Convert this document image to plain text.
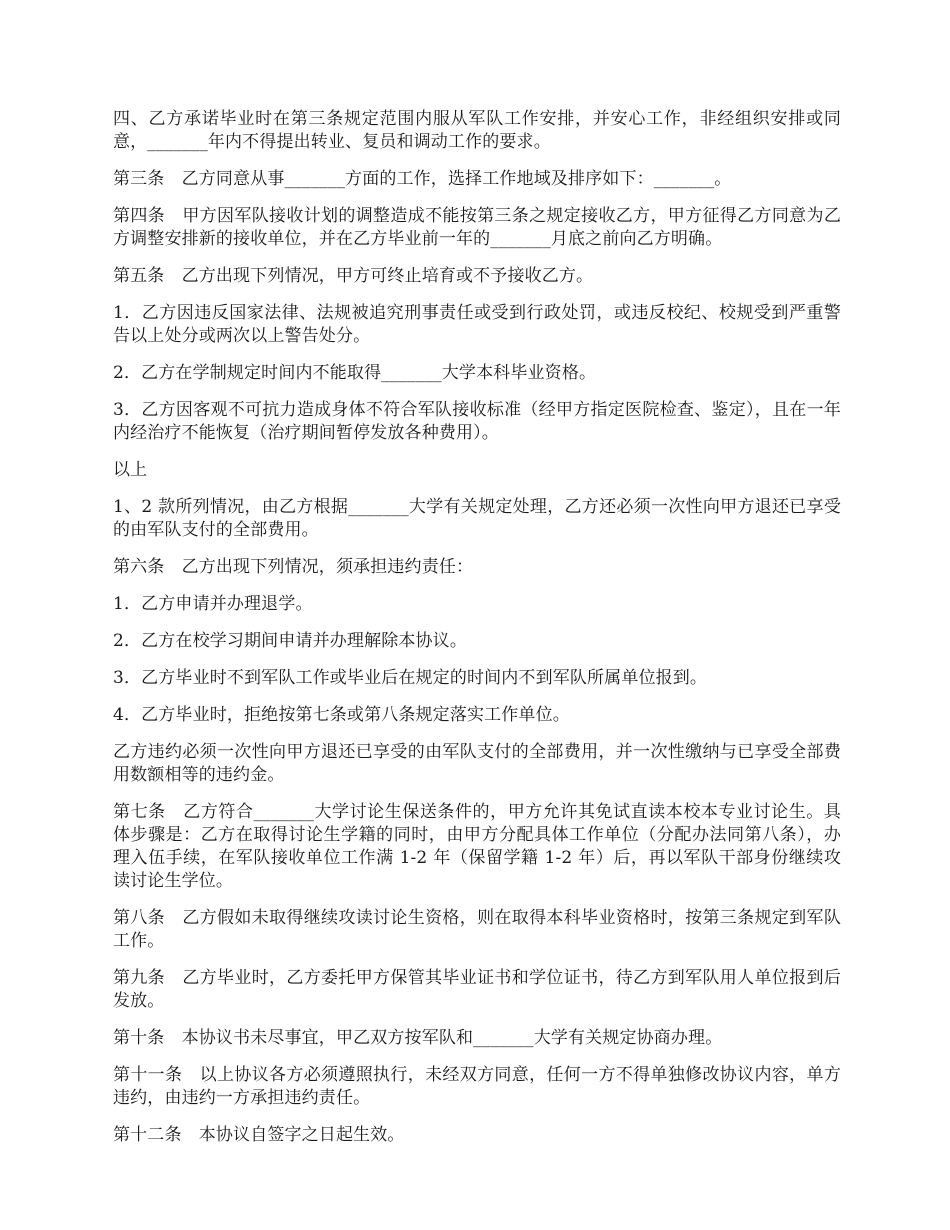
四、乙方承诺毕业时在第三条规定范围内服从军队工作安排，并安心工作，非经组织安排或同意，_______年内不得提出转业、复员和调动工作的要求。

第三条　乙方同意从事_______方面的工作，选择工作地域及排序如下：_______。

第四条　甲方因军队接收计划的调整造成不能按第三条之规定接收乙方，甲方征得乙方同意为乙方调整安排新的接收单位，并在乙方毕业前一年的_______月底之前向乙方明确。

第五条　乙方出现下列情况，甲方可终止培育或不予接收乙方。

1．乙方因违反国家法律、法规被追究刑事责任或受到行政处罚，或违反校纪、校规受到严重警告以上处分或两次以上警告处分。

2．乙方在学制规定时间内不能取得_______大学本科毕业资格。

3．乙方因客观不可抗力造成身体不符合军队接收标准（经甲方指定医院检查、鉴定），且在一年内经治疗不能恢复（治疗期间暂停发放各种费用）。

以上

1、2 款所列情况，由乙方根据_______大学有关规定处理，乙方还必须一次性向甲方退还已享受的由军队支付的全部费用。

第六条　乙方出现下列情况，须承担违约责任：

1．乙方申请并办理退学。

2．乙方在校学习期间申请并办理解除本协议。

3．乙方毕业时不到军队工作或毕业后在规定的时间内不到军队所属单位报到。

4．乙方毕业时，拒绝按第七条或第八条规定落实工作单位。

乙方违约必须一次性向甲方退还已享受的由军队支付的全部费用，并一次性缴纳与已享受全部费用数额相等的违约金。

第七条　乙方符合_______大学讨论生保送条件的，甲方允许其免试直读本校本专业讨论生。具体步骤是：乙方在取得讨论生学籍的同时，由甲方分配具体工作单位（分配办法同第八条），办理入伍手续，在军队接收单位工作满 1-2 年（保留学籍 1-2 年）后，再以军队干部身份继续攻读讨论生学位。

第八条　乙方假如未取得继续攻读讨论生资格，则在取得本科毕业资格时，按第三条规定到军队工作。

第九条　乙方毕业时，乙方委托甲方保管其毕业证书和学位证书，待乙方到军队用人单位报到后发放。

第十条　本协议书未尽事宜，甲乙双方按军队和_______大学有关规定协商办理。

第十一条　以上协议各方必须遵照执行，未经双方同意，任何一方不得单独修改协议内容，单方违约，由违约一方承担违约责任。

第十二条　本协议自签字之日起生效。
